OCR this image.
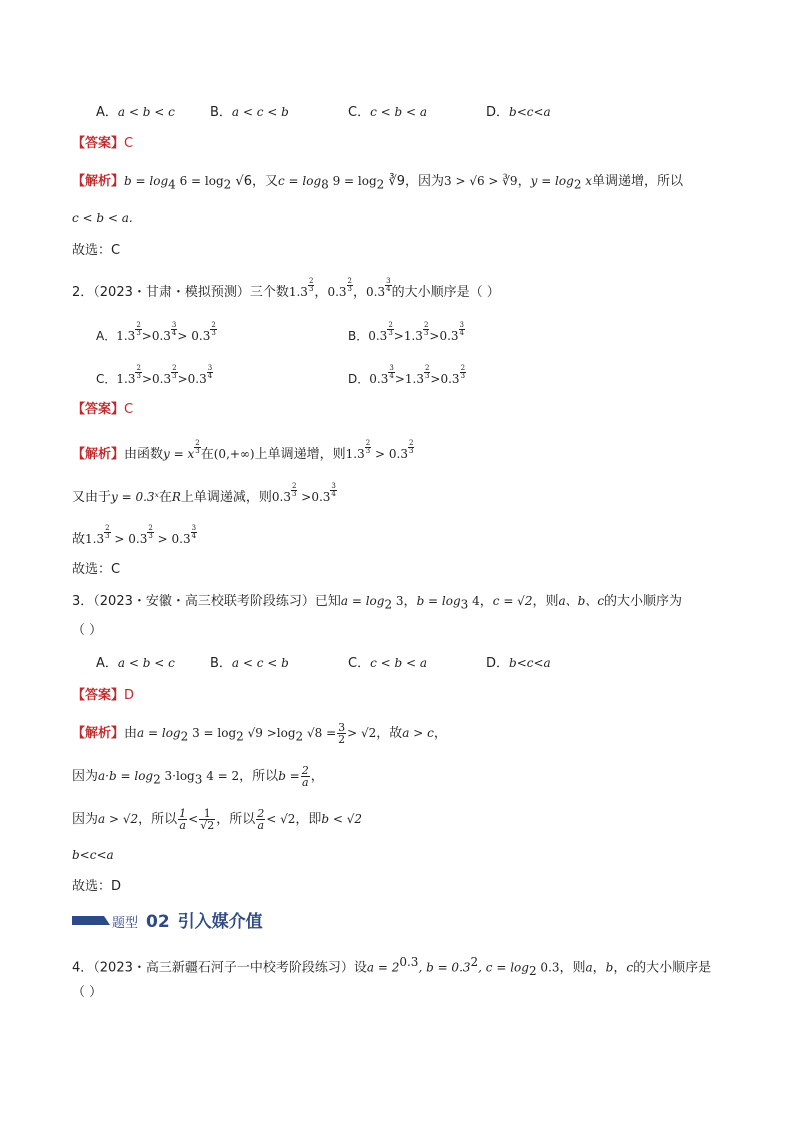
A．a < b < c	B．a < c < b	C．c < b < a	D．b<c<a
【答案】C
【解析】$b = \log_4 6 = \log_2 √6$，又$c = \log_8 9 = \log_2$ ∛9，因为3 > √6 > ∛9，$y = \log_2 x$单调递增，所以
c < b < a.
故选：C
2．（2023・甘肃・模拟预测）三个数$1.3 \frac{2}{3}$ ，$0.3 \frac{2}{3}$ ，$0.3 \frac{3}{4}$ 的大小顺序是（ ）
A．$1.3 \frac{2}{3} >0.3 \frac{3}{4} > 0.3 \frac{2}{3}$	B．$0.3 \frac{2}{3} >1.3 \frac{2}{3} >0.3 \frac{3}{4}$
C．$1.3 \frac{2}{3} >0.3 \frac{2}{3} >0.3 \frac{3}{4}$	D．$0.3 \frac{3}{4} >1.3 \frac{2}{3} >0.3 \frac{2}{3}$
【答案】C
【解析】由函数y = x $\frac{2}{3}$ 在(0,+∞)上单调递增，则$1.3 \frac{2}{3} > 0.3 \frac{2}{3}$
又由于y = 0.3ˣ在R上单调递减，则$0.3 \frac{2}{3} >0.3 \frac{3}{4}$
故$1.3 \frac{2}{3} > 0.3 \frac{2}{3} > 0.3 \frac{3}{4}$
故选：C
3．（2023・安徽・高三校联考阶段练习）已知$a = \log_2 3$，$b = \log_3 4$，c = √2，则a、b、c的大小顺序为
（ ）
A．a < b < c	B．a < c < b	C．c < b < a	D．b<c<a
【答案】D
【解析】由$a = \log_2 3 = \log_2 √9 >\log_2$ $√8 = \frac{3}{2} > √2$，故a > c，
因为$a\cdot b = \log_2 3\cdot\log_3$ 4 = 2，所以$b = \frac{2}{a}$ ，
因为a > √2，所以 $\frac{1}{a} < \frac{1}{√2}$ ，所以 $\frac{2}{a} < √2$，即b < √2
b<c<a
故选：D
题型 02 引入媒介值
4．（2023・高三新疆石河子一中校考阶段练习）设$a = 2^{0.3}$, $b = 0.3^2$, $c = \log_2 0.3$，则a，b，c的大小顺序是
（ ）
